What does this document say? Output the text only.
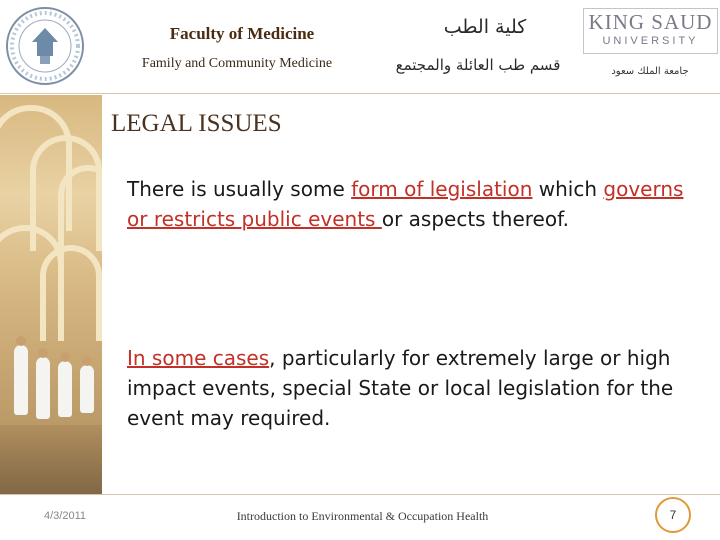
Faculty of Medicine
Family and Community Medicine
كلية الطب
قسم طب العائلة والمجتمع
KING SAUD
UNIVERSITY
جامعة الملك سعود
LEGAL ISSUES
There is usually some form of legislation which governs or restricts public events or aspects thereof.
In some cases, particularly for extremely large or high impact events, special State or local legislation for the event may required.
4/3/2011	Introduction to Environmental & Occupation Health	7
